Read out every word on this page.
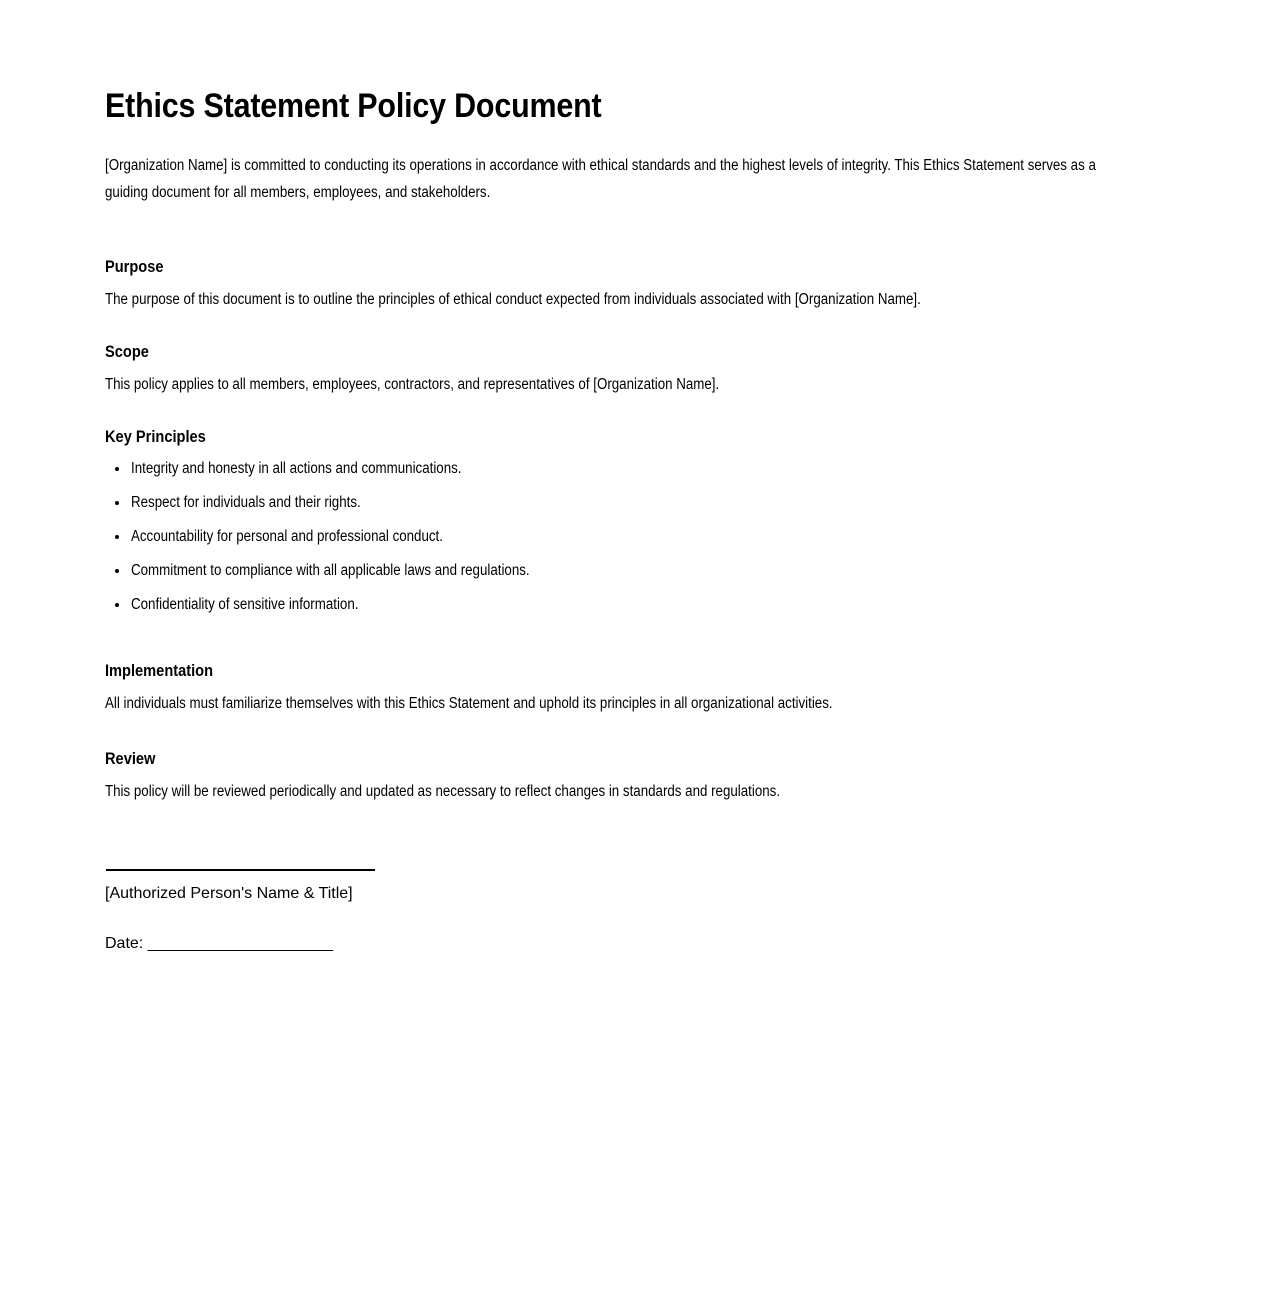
Ethics Statement Policy Document

[Organization Name] is committed to conducting its operations in accordance with ethical standards and the highest levels of integrity. This Ethics Statement serves as a guiding document for all members, employees, and stakeholders.

Purpose

The purpose of this document is to outline the principles of ethical conduct expected from individuals associated with [Organization Name].

Scope

This policy applies to all members, employees, contractors, and representatives of [Organization Name].

Key Principles
Integrity and honesty in all actions and communications.
Respect for individuals and their rights.
Accountability for personal and professional conduct.
Commitment to compliance with all applicable laws and regulations.
Confidentiality of sensitive information.
Implementation

All individuals must familiarize themselves with this Ethics Statement and uphold its principles in all organizational activities.

Review

This policy will be reviewed periodically and updated as necessary to reflect changes in standards and regulations.

[Authorized Person's Name & Title]

Date: ______________________
